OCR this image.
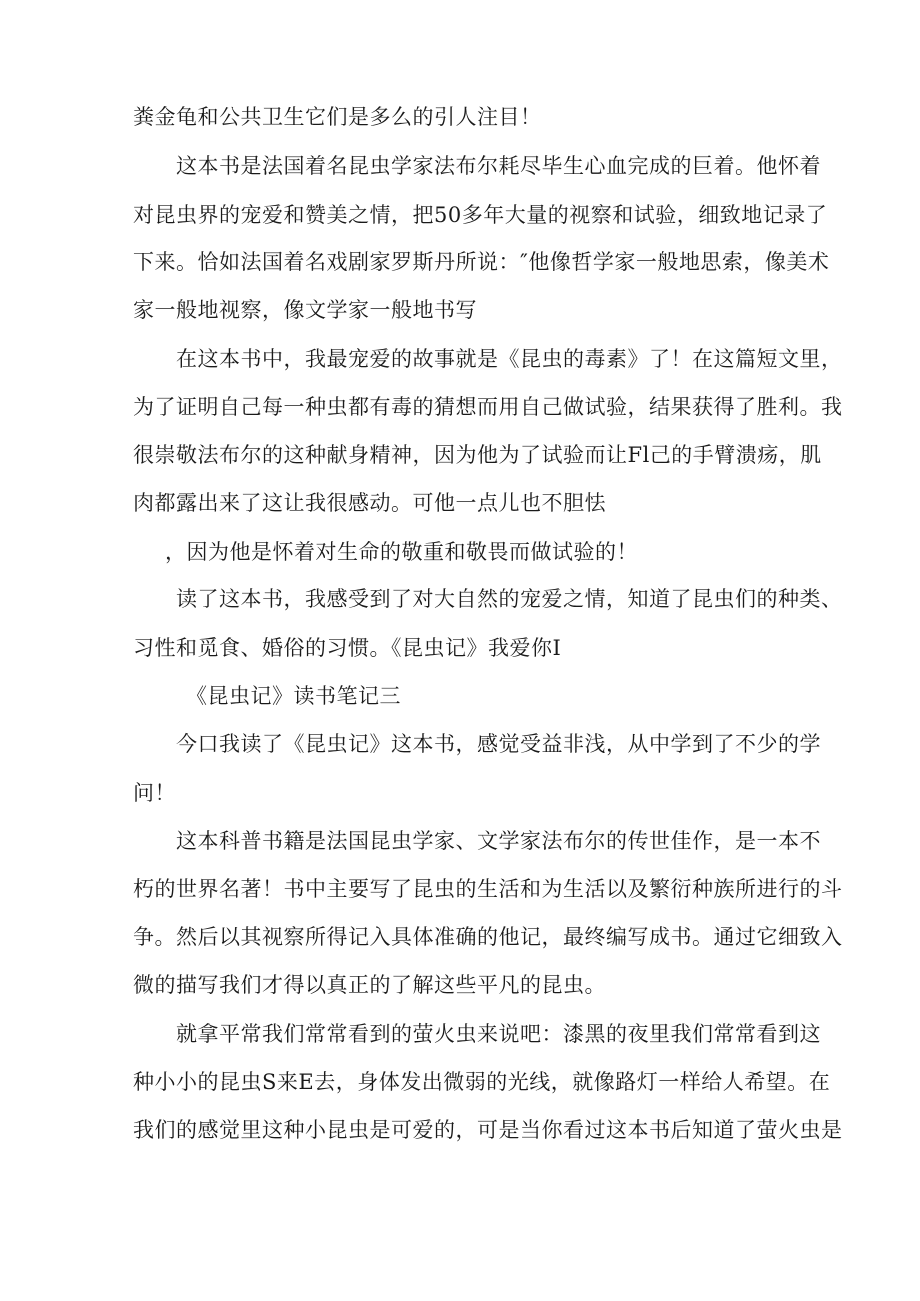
粪金龟和公共卫生它们是多么的引人注目！
这本书是法国着名昆虫学家法布尔耗尽毕生心血完成的巨着。他怀着
对昆虫界的宠爱和赞美之情，把50多年大量的视察和试验，细致地记录了
下来。恰如法国着名戏剧家罗斯丹所说：″他像哲学家一般地思索，像美术
家一般地视察，像文学家一般地书写
在这本书中，我最宠爱的故事就是《昆虫的毒素》了！在这篇短文里，
为了证明自己每一种虫都有毒的猜想而用自己做试验，结果获得了胜利。我
很崇敬法布尔的这种献身精神，因为他为了试验而让Fl己的手臂溃疡，肌
肉都露出来了这让我很感动。可他一点儿也不胆怯
，因为他是怀着对生命的敬重和敬畏而做试验的！
读了这本书，我感受到了对大自然的宠爱之情，知道了昆虫们的种类、
习性和觅食、婚俗的习惯。《昆虫记》我爱你I
《昆虫记》读书笔记三
今口我读了《昆虫记》这本书，感觉受益非浅，从中学到了不少的学
问！
这本科普书籍是法国昆虫学家、文学家法布尔的传世佳作，是一本不
朽的世界名著！书中主要写了昆虫的生活和为生活以及繁衍种族所进行的斗
争。然后以其视察所得记入具体准确的他记，最终编写成书。通过它细致入
微的描写我们才得以真正的了解这些平凡的昆虫。
就拿平常我们常常看到的萤火虫来说吧：漆黑的夜里我们常常看到这
种小小的昆虫S来E去，身体发出微弱的光线，就像路灯一样给人希望。在
我们的感觉里这种小昆虫是可爱的，可是当你看过这本书后知道了萤火虫是
